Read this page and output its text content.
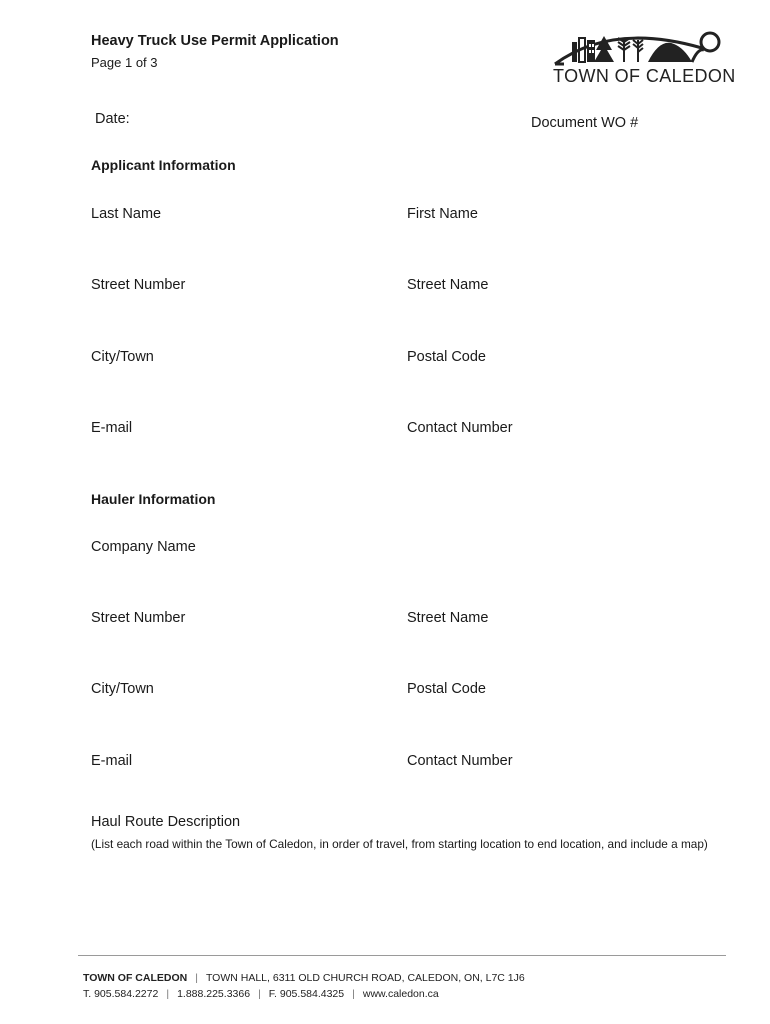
Heavy Truck Use Permit Application
Page 1 of 3
TOWN OF CALEDON
Date:	Document WO #
Applicant Information
Last Name	First Name
Street Number	Street Name
City/Town	Postal Code
E-mail	Contact Number
Hauler Information
Company Name
Street Number	Street Name
City/Town	Postal Code
E-mail	Contact Number
Haul Route Description
(List each road within the Town of Caledon, in order of travel, from starting location to end location, and include a map)
TOWN OF CALEDON | TOWN HALL, 6311 OLD CHURCH ROAD, CALEDON, ON, L7C 1J6
T. 905.584.2272 | 1.888.225.3366 | F. 905.584.4325 | www.caledon.ca
